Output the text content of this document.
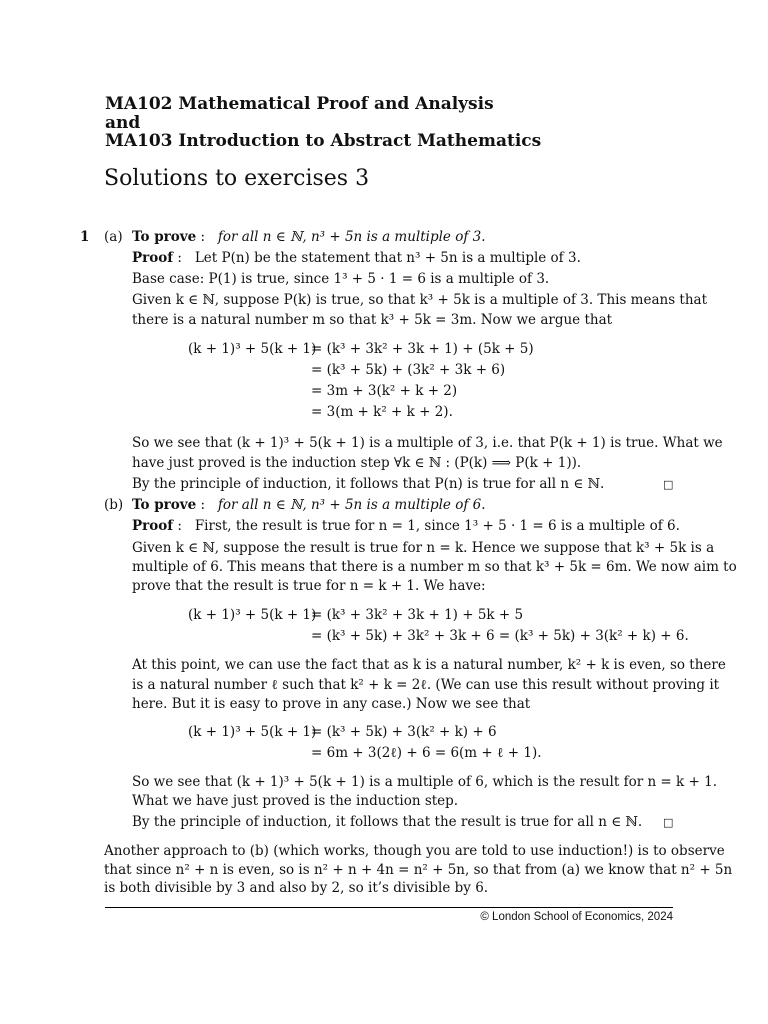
MA102 Mathematical Proof and Analysis
and
MA103 Introduction to Abstract Mathematics
Solutions to exercises 3
1 (a) To prove :   for all n ∈ ℕ, n³ + 5n is a multiple of 3.
Proof :   Let P(n) be the statement that n³ + 5n is a multiple of 3.
Base case: P(1) is true, since 1³ + 5 · 1 = 6 is a multiple of 3.
Given k ∈ ℕ, suppose P(k) is true, so that k³ + 5k is a multiple of 3. This means that
there is a natural number m so that k³ + 5k = 3m. Now we argue that
(k + 1)³ + 5(k + 1)
= (k³ + 3k² + 3k + 1) + (5k + 5)
= (k³ + 5k) + (3k² + 3k + 6)
= 3m + 3(k² + k + 2)
= 3(m + k² + k + 2).
So we see that (k + 1)³ + 5(k + 1) is a multiple of 3, i.e. that P(k + 1) is true. What we
have just proved is the induction step ∀k ∈ ℕ : (P(k) ⟹ P(k + 1)).
By the principle of induction, it follows that P(n) is true for all n ∈ ℕ.	□
(b) To prove :   for all n ∈ ℕ, n³ + 5n is a multiple of 6.
Proof :   First, the result is true for n = 1, since 1³ + 5 · 1 = 6 is a multiple of 6.
Given k ∈ ℕ, suppose the result is true for n = k. Hence we suppose that k³ + 5k is a
multiple of 6. This means that there is a number m so that k³ + 5k = 6m. We now aim to
prove that the result is true for n = k + 1. We have:
(k + 1)³ + 5(k + 1)
= (k³ + 3k² + 3k + 1) + 5k + 5
= (k³ + 5k) + 3k² + 3k + 6 = (k³ + 5k) + 3(k² + k) + 6.
At this point, we can use the fact that as k is a natural number, k² + k is even, so there
is a natural number ℓ such that k² + k = 2ℓ. (We can use this result without proving it
here. But it is easy to prove in any case.) Now we see that
(k + 1)³ + 5(k + 1)
= (k³ + 5k) + 3(k² + k) + 6
= 6m + 3(2ℓ) + 6 = 6(m + ℓ + 1).
So we see that (k + 1)³ + 5(k + 1) is a multiple of 6, which is the result for n = k + 1.
What we have just proved is the induction step.
By the principle of induction, it follows that the result is true for all n ∈ ℕ. □
Another approach to (b) (which works, though you are told to use induction!) is to observe
that since n² + n is even, so is n² + n + 4n = n² + 5n, so that from (a) we know that n² + 5n
is both divisible by 3 and also by 2, so it’s divisible by 6.
© London School of Economics, 2024
